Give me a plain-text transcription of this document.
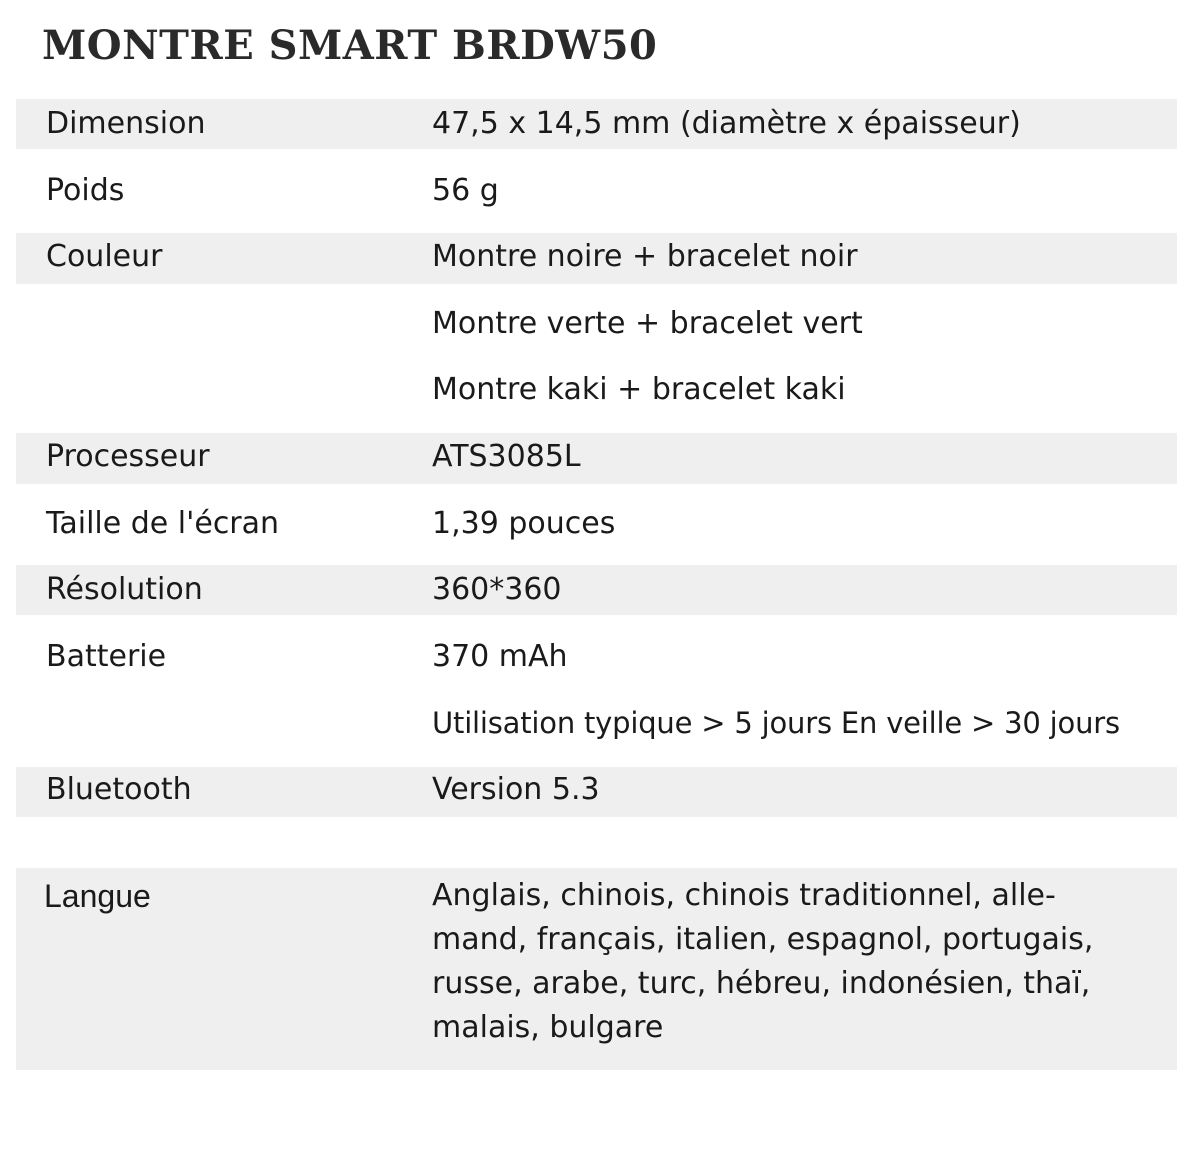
MONTRE SMART BRDW50
Dimension	47,5 x 14,5 mm (diamètre x épaisseur)
Poids	56 g
Couleur	Montre noire + bracelet noir
Montre verte + bracelet vert
Montre kaki + bracelet kaki
Processeur	ATS3085L
Taille de l'écran	1,39 pouces
Résolution	360*360
Batterie	370 mAh
Utilisation typique > 5 jours En veille > 30 jours
Bluetooth	Version 5.3
Langue	Anglais, chinois, chinois traditionnel, alle-
mand, français, italien, espagnol, portugais,
russe, arabe, turc, hébreu, indonésien, thaï,
malais, bulgare
